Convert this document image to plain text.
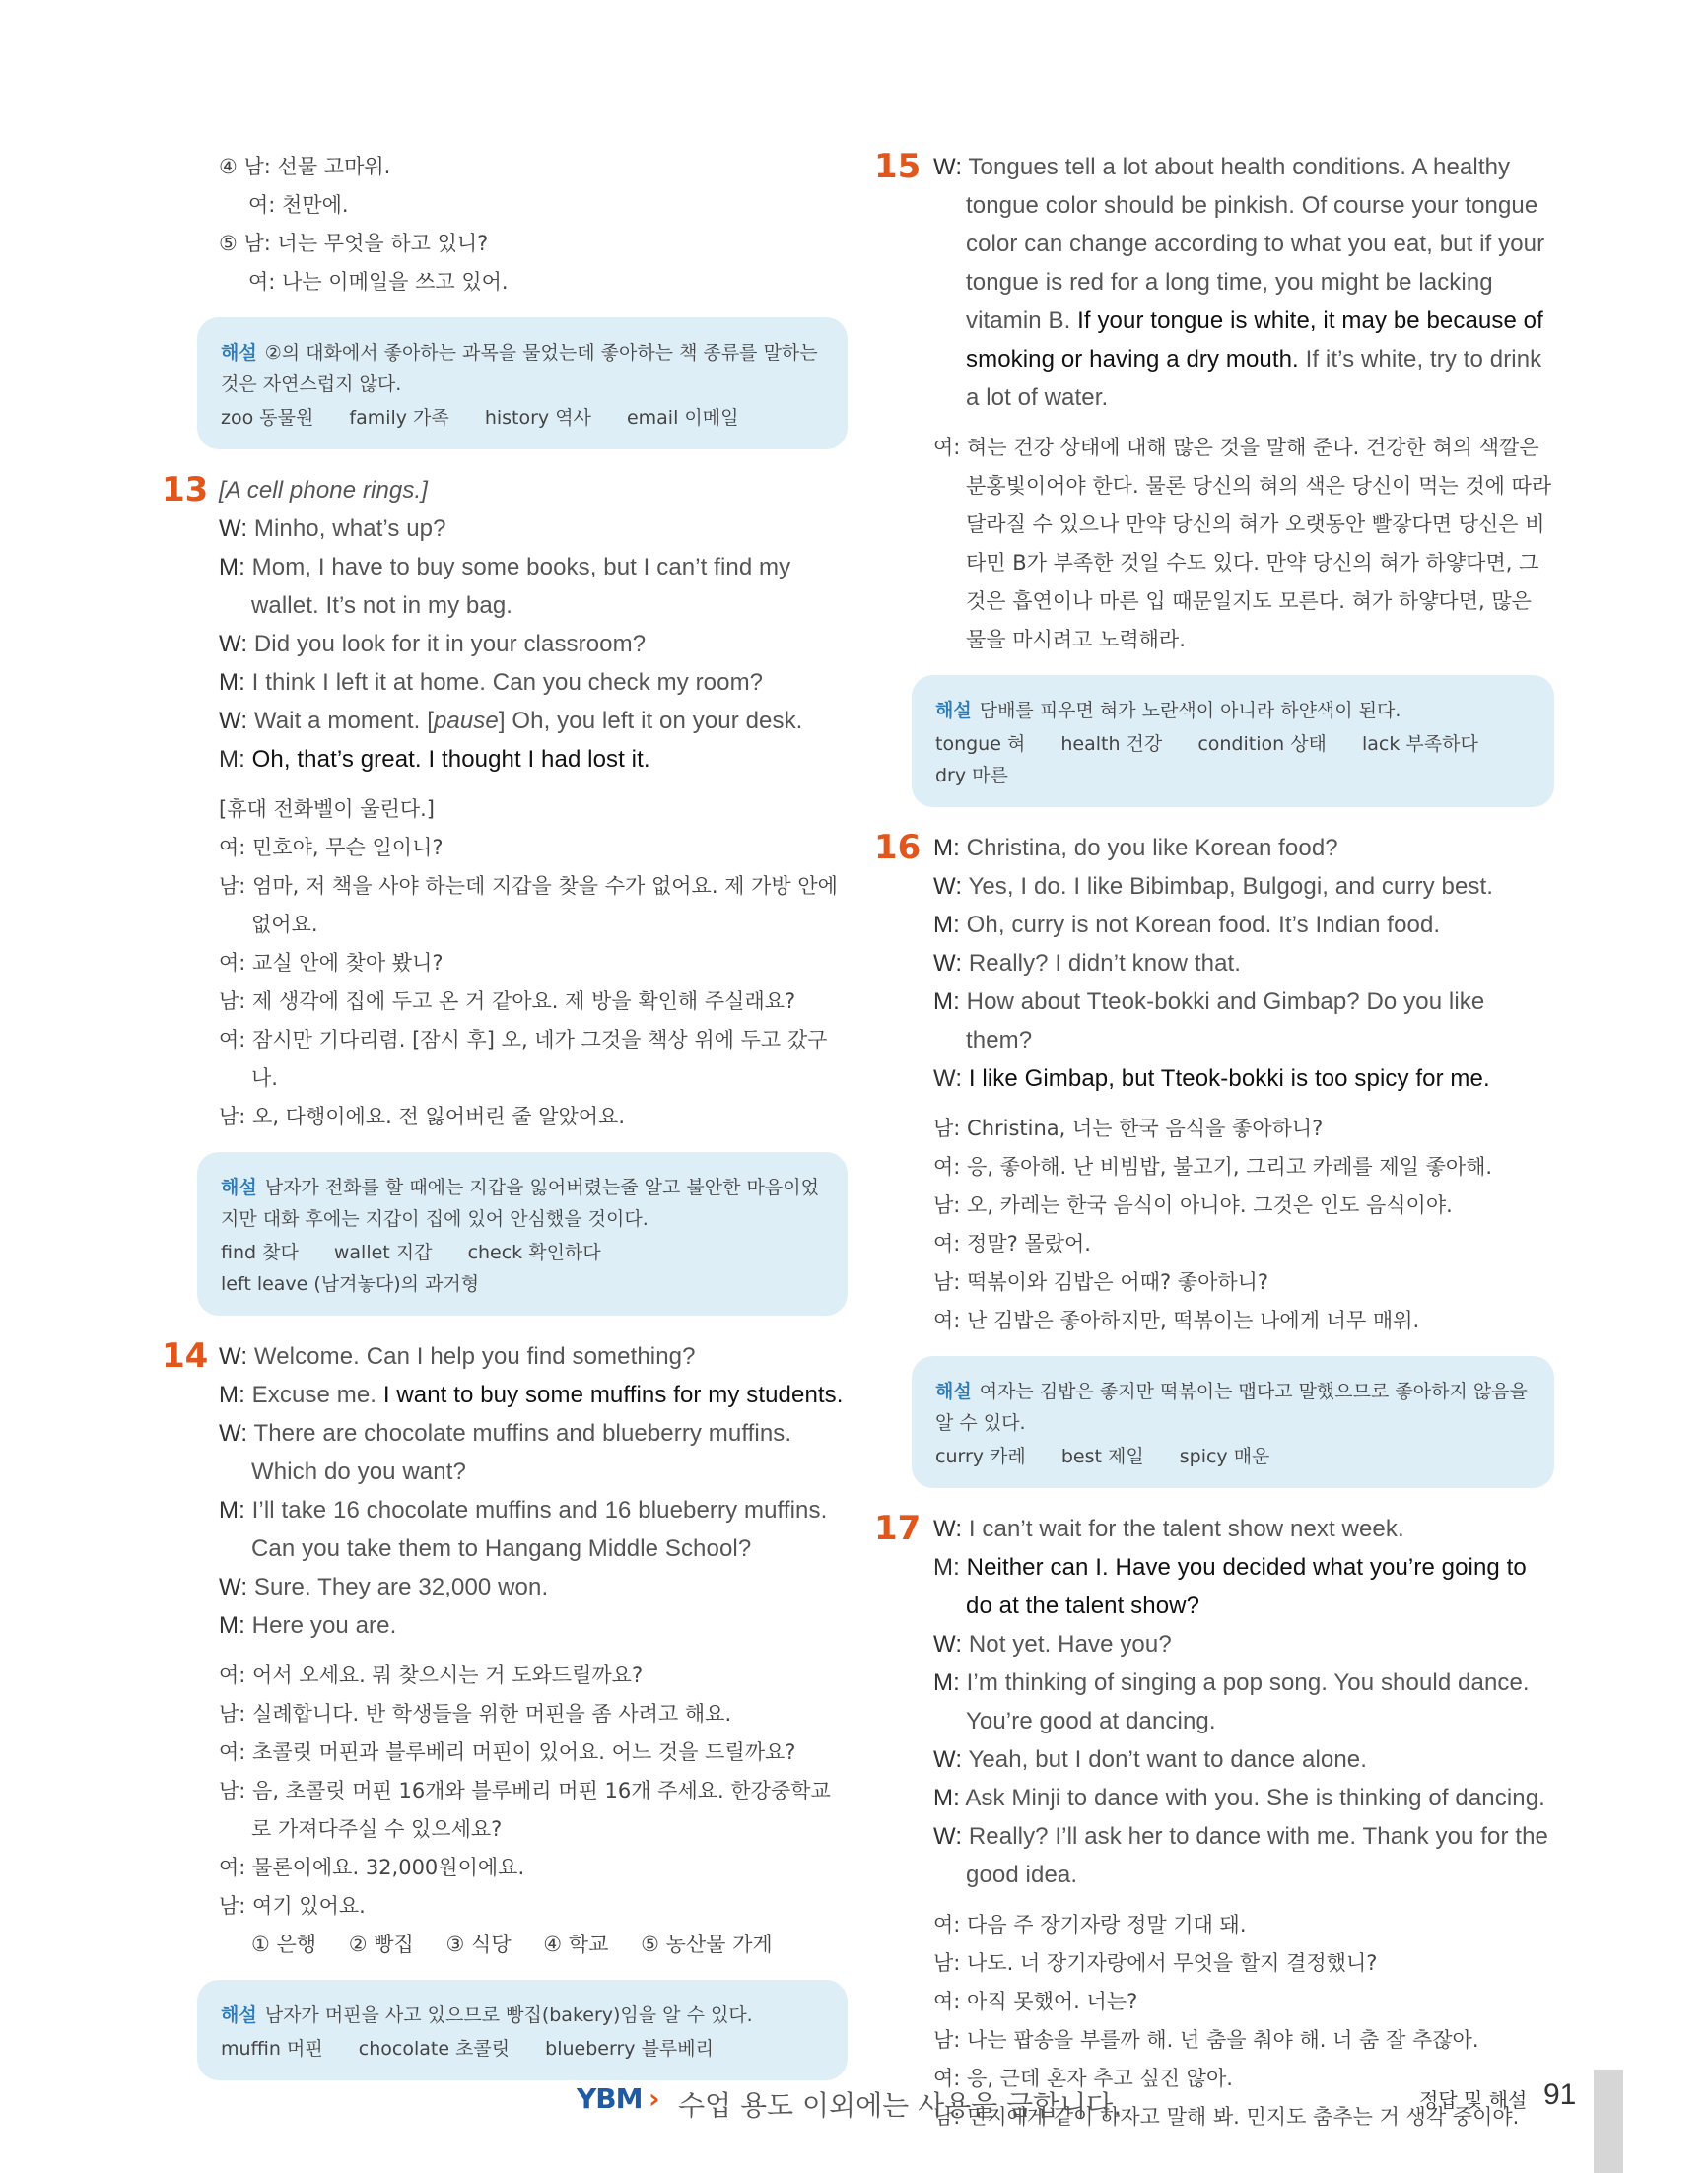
④ 남: 선물 고마워.
여: 천만에.
⑤ 남: 너는 무엇을 하고 있니?
여: 나는 이메일을 쓰고 있어.
해설 ②의 대화에서 좋아하는 과목을 물었는데 좋아하는 책 종류를 말하는 것은 자연스럽지 않다.
zoo 동물원 family 가족 history 역사 email 이메일
13 [A cell phone rings.]
W: Minho, what’s up?
M: Mom, I have to buy some books, but I can’t find my wallet. It’s not in my bag.
W: Did you look for it in your classroom?
M: I think I left it at home. Can you check my room?
W: Wait a moment. [pause] Oh, you left it on your desk.
M: Oh, that’s great. I thought I had lost it.
[휴대 전화벨이 울린다.]
여: 민호야, 무슨 일이니?
남: 엄마, 저 책을 사야 하는데 지갑을 찾을 수가 없어요. 제 가방 안에 없어요.
여: 교실 안에 찾아 봤니?
남: 제 생각에 집에 두고 온 거 같아요. 제 방을 확인해 주실래요?
여: 잠시만 기다리렴. [잠시 후] 오, 네가 그것을 책상 위에 두고 갔구나.
남: 오, 다행이에요. 전 잃어버린 줄 알았어요.
해설 남자가 전화를 할 때에는 지갑을 잃어버렸는줄 알고 불안한 마음이었지만 대화 후에는 지갑이 집에 있어 안심했을 것이다.
find 찾다 wallet 지갑 check 확인하다 left leave (남겨놓다)의 과거형
14 W: Welcome. Can I help you find something?
M: Excuse me. I want to buy some muffins for my students.
W: There are chocolate muffins and blueberry muffins. Which do you want?
M: I’ll take 16 chocolate muffins and 16 blueberry muffins. Can you take them to Hangang Middle School?
W: Sure. They are 32,000 won.
M: Here you are.
여: 어서 오세요. 뭐 찾으시는 거 도와드릴까요?
남: 실례합니다. 반 학생들을 위한 머핀을 좀 사려고 해요.
여: 초콜릿 머핀과 블루베리 머핀이 있어요. 어느 것을 드릴까요?
남: 음, 초콜릿 머핀 16개와 블루베리 머핀 16개 주세요. 한강중학교로 가져다주실 수 있으세요?
여: 물론이에요. 32,000원이에요.
남: 여기 있어요.
① 은행 ② 빵집 ③ 식당 ④ 학교 ⑤ 농산물 가게
해설 남자가 머핀을 사고 있으므로 빵집(bakery)임을 알 수 있다.
muffin 머핀 chocolate 초콜릿 blueberry 블루베리
15 W: Tongues tell a lot about health conditions. A healthy tongue color should be pinkish. Of course your tongue color can change according to what you eat, but if your tongue is red for a long time, you might be lacking vitamin B. If your tongue is white, it may be because of smoking or having a dry mouth. If it’s white, try to drink a lot of water.
여: 혀는 건강 상태에 대해 많은 것을 말해 준다. 건강한 혀의 색깔은 분홍빛이어야 한다. 물론 당신의 혀의 색은 당신이 먹는 것에 따라 달라질 수 있으나 만약 당신의 혀가 오랫동안 빨갛다면 당신은 비타민 B가 부족한 것일 수도 있다. 만약 당신의 혀가 하얗다면, 그것은 흡연이나 마른 입 때문일지도 모른다. 혀가 하얗다면, 많은 물을 마시려고 노력해라.
해설 담배를 피우면 혀가 노란색이 아니라 하얀색이 된다.
tongue 혀 health 건강 condition 상태 lack 부족하다 dry 마른
16 M: Christina, do you like Korean food?
W: Yes, I do. I like Bibimbap, Bulgogi, and curry best.
M: Oh, curry is not Korean food. It’s Indian food.
W: Really? I didn’t know that.
M: How about Tteok-bokki and Gimbap? Do you like them?
W: I like Gimbap, but Tteok-bokki is too spicy for me.
남: Christina, 너는 한국 음식을 좋아하니?
여: 응, 좋아해. 난 비빔밥, 불고기, 그리고 카레를 제일 좋아해.
남: 오, 카레는 한국 음식이 아니야. 그것은 인도 음식이야.
여: 정말? 몰랐어.
남: 떡볶이와 김밥은 어때? 좋아하니?
여: 난 김밥은 좋아하지만, 떡볶이는 나에게 너무 매워.
해설 여자는 김밥은 좋지만 떡볶이는 맵다고 말했으므로 좋아하지 않음을 알 수 있다.
curry 카레 best 제일 spicy 매운
17 W: I can’t wait for the talent show next week.
M: Neither can I. Have you decided what you’re going to do at the talent show?
W: Not yet. Have you?
M: I’m thinking of singing a pop song. You should dance. You’re good at dancing.
W: Yeah, but I don’t want to dance alone.
M: Ask Minji to dance with you. She is thinking of dancing.
W: Really? I’ll ask her to dance with me. Thank you for the good idea.
여: 다음 주 장기자랑 정말 기대 돼.
남: 나도. 너 장기자랑에서 무엇을 할지 결정했니?
여: 아직 못했어. 너는?
남: 나는 팝송을 부를까 해. 넌 춤을 춰야 해. 너 춤 잘 추잖아.
여: 응, 근데 혼자 추고 싶진 않아.
남: 민지에게 같이 하자고 말해 봐. 민지도 춤추는 거 생각 중이야.
YBM › 수업 용도 이외에는 사용을 금합니다.	정답 및 해설 91
